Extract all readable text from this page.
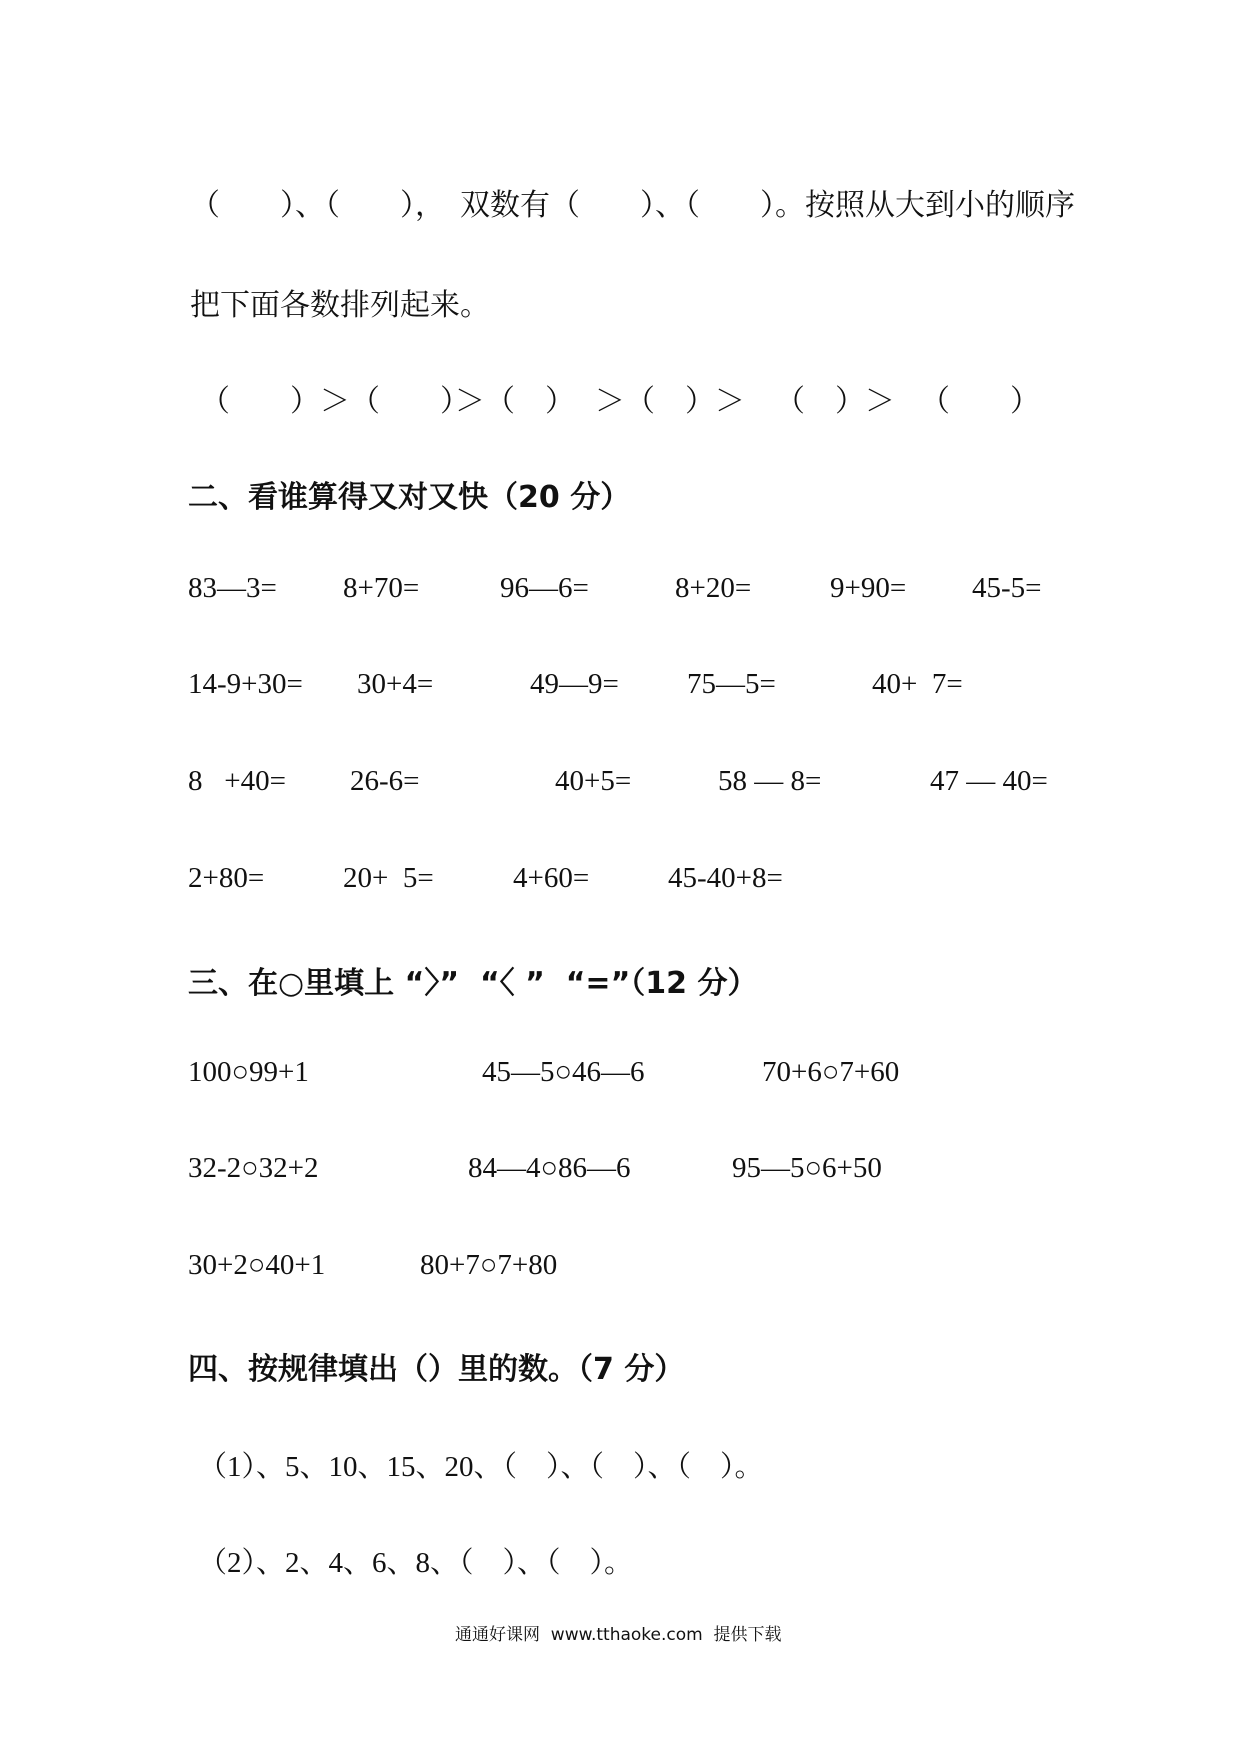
（　　）、（　　），　双数有（　　）、（　　）。按照从大到小的顺序
把下面各数排列起来。
（　　）＞（　　）
＞（　） ＞（　）＞ （　）＞ （　　）
二、看谁算得又对又快（20 分）
83—3= 8+70=	96—6=	8+20=	9+90= 45-5=
14-9+30= 30+4=	49—9= 75—5=	40+  7=
8   +40= 26-6=	40+5=	58 — 8=	47 — 40=
2+80=	20+  5=	4+60=	45-40+8=
三、在○里填上 “〉”  “〈 ”  “=”（12 分）
100○99+1	45—5○46—6	70+6○7+60
32-2○32+2	84—4○86—6	95—5○6+50
30+2○40+1	80+7○7+80
四、按规律填出（）里的数。（7 分）
（1）、5、10、15、20、（　）、（　）、（　）。
（2）、2、4、6、8、（　）、（　）。
通通好课网  www.tthaoke.com  提供下载
